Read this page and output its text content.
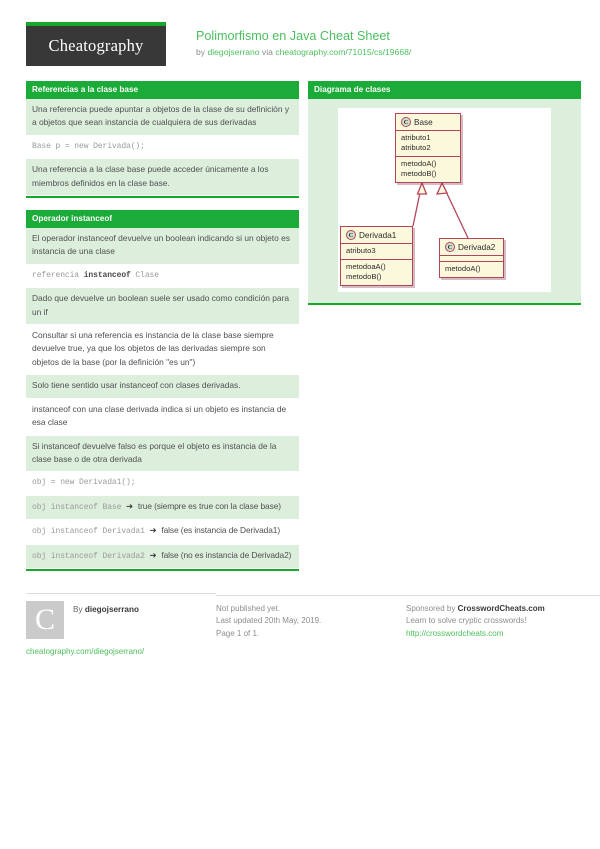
Cheatography	Polimorfismo en Java Cheat Sheet
by diegojserrano via cheatography.com/71015/cs/19668/
Referencias a la clase base
Una referencia puede apuntar a objetos de la clase de su definición y a objetos que sean instancia de cualquiera de sus derivadas
Base p = new Derivada();
Una referencia a la clase base puede acceder únicamente a los miembros definidos en la clase base.
Operador instanceof
El operador instanceof devuelve un boolean indicando si un objeto es instancia de una clase
referencia instanceof Clase
Dado que devuelve un boolean suele ser usado como condición para un if
Consultar si una referencia es instancia de la clase base siempre devuelve true, ya que los objetos de las derivadas siempre son objetos de la base (por la definición "es un")
Solo tiene sentido usar instanceof con clases derivadas.
instanceof con una clase derivada indica si un objeto es instancia de esa clase
Si instanceof devuelve falso es porque el objeto es instancia de la clase base o de otra derivada
obj = new Derivada1();
obj instanceof Base ➜ true (siempre es true con la clase base)
obj instanceof Derivada1 ➜ false (es instancia de Derivada1)
obj instanceof Derivada2 ➜ false (no es instancia de Derivada2)
Diagrama de clases
C Base
atributo1
atributo2
metodoA()
metodoB()
C Derivada1
atributo3
metodoaA()
metodoB()
C Derivada2
metodoA()
C	By diegojserrano
cheatography.com/diegojserrano/
Not published yet.
Last updated 20th May, 2019.
Page 1 of 1.
Sponsored by CrosswordCheats.com
Learn to solve cryptic crosswords!
http://crosswordcheats.com
